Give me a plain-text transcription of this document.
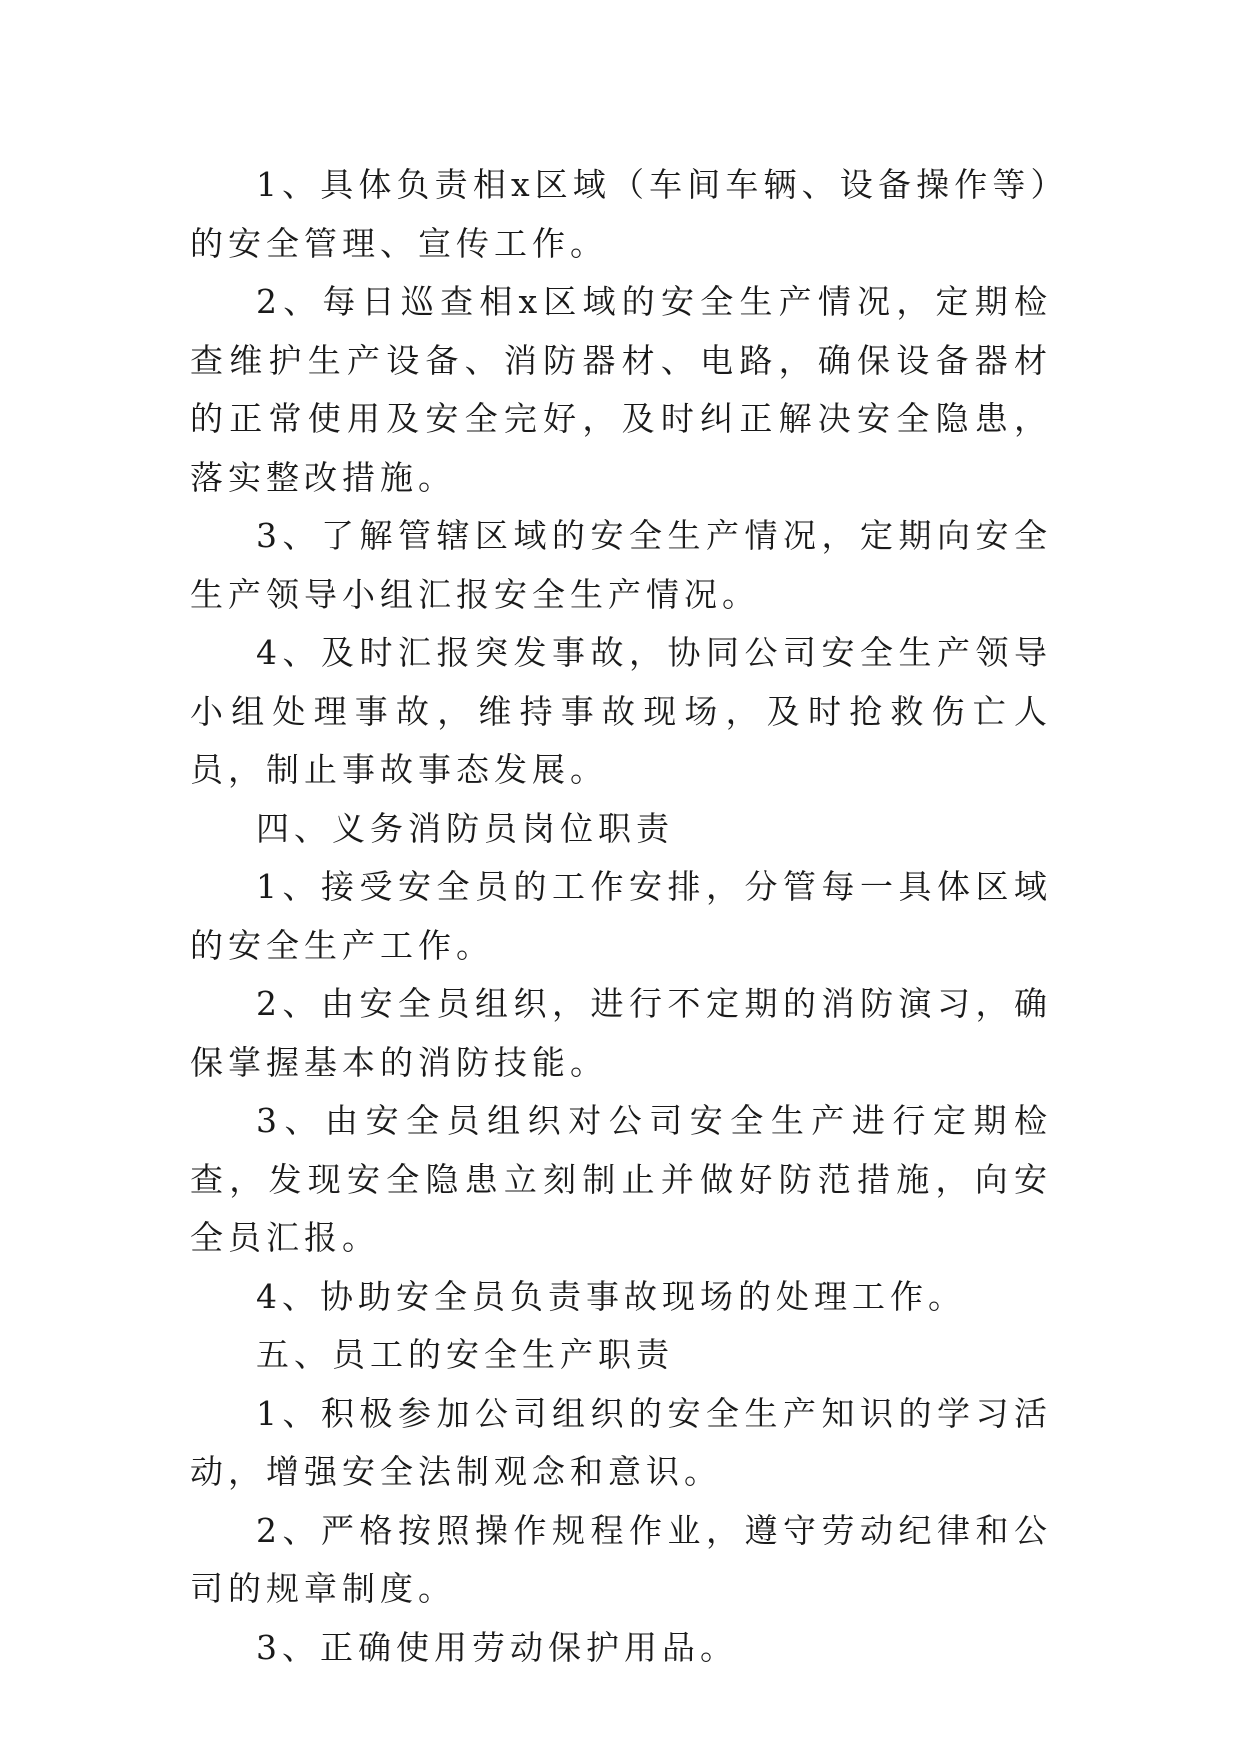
1、具体负责相x区域（车间车辆、设备操作等）的安全管理、宣传工作。

2、每日巡查相x区域的安全生产情况，定期检查维护生产设备、消防器材、电路，确保设备器材的正常使用及安全完好，及时纠正解决安全隐患，落实整改措施。

3、了解管辖区域的安全生产情况，定期向安全生产领导小组汇报安全生产情况。

4、及时汇报突发事故，协同公司安全生产领导小组处理事故，维持事故现场，及时抢救伤亡人员，制止事故事态发展。

四、义务消防员岗位职责

1、接受安全员的工作安排，分管每一具体区域的安全生产工作。

2、由安全员组织，进行不定期的消防演习，确保掌握基本的消防技能。

3、由安全员组织对公司安全生产进行定期检查，发现安全隐患立刻制止并做好防范措施，向安全员汇报。

4、协助安全员负责事故现场的处理工作。

五、员工的安全生产职责

1、积极参加公司组织的安全生产知识的学习活动，增强安全法制观念和意识。

2、严格按照操作规程作业，遵守劳动纪律和公司的规章制度。

3、正确使用劳动保护用品。
